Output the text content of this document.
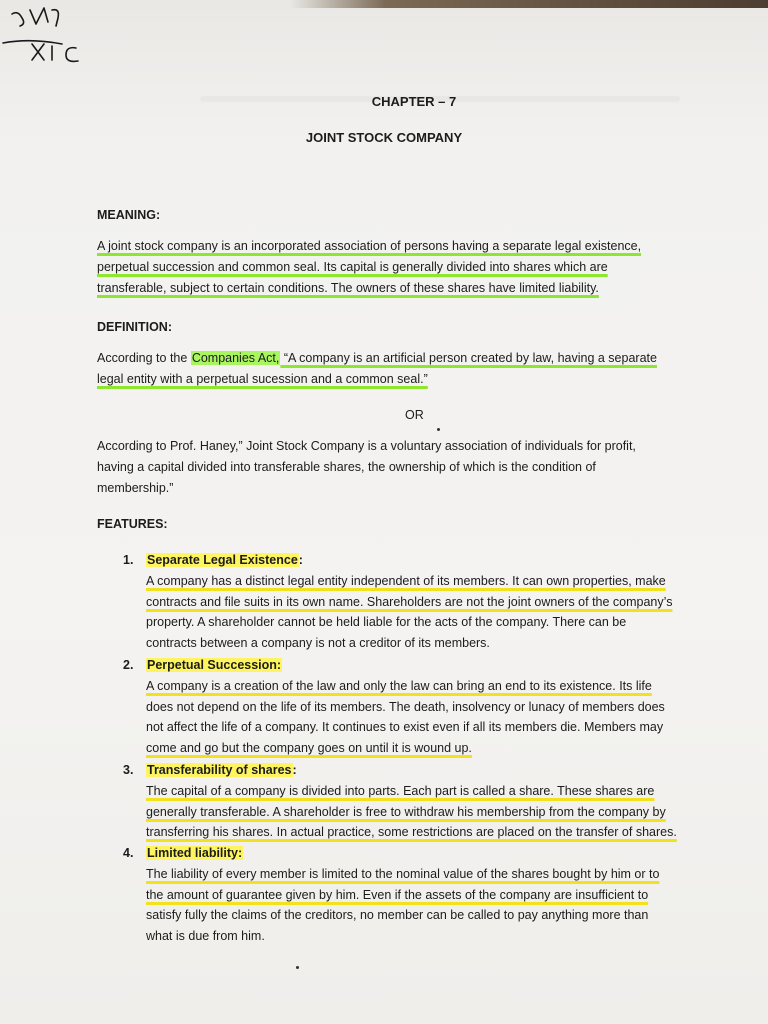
CHAPTER – 7
JOINT STOCK COMPANY
MEANING:

A joint stock company is an incorporated association of persons having a separate legal existence,

perpetual succession and common seal. Its capital is generally divided into shares which are

transferable, subject to certain conditions. The owners of these shares have limited liability.

DEFINITION:

According to the Companies Act, “A company is an artificial person created by law, having a separate

legal entity with a perpetual sucession and a common seal.”

OR

According to Prof. Haney,” Joint Stock Company is a voluntary association of individuals for profit,

having a capital divided into transferable shares, the ownership of which is the condition of

membership.”

FEATURES:
1. Separate Legal Existence:

A company has a distinct legal entity independent of its members. It can own properties, make

contracts and file suits in its own name. Shareholders are not the joint owners of the company’s

property. A shareholder cannot be held liable for the acts of the company. There can be

contracts between a company is not a creditor of its members.

2. Perpetual Succession:

A company is a creation of the law and only the law can bring an end to its existence. Its life

does not depend on the life of its members. The death, insolvency or lunacy of members does

not affect the life of a company. It continues to exist even if all its members die. Members may

come and go but the company goes on until it is wound up.

3. Transferability of shares:

The capital of a company is divided into parts. Each part is called a share. These shares are

generally transferable. A shareholder is free to withdraw his membership from the company by

transferring his shares. In actual practice, some restrictions are placed on the transfer of shares.

4. Limited liability:

The liability of every member is limited to the nominal value of the shares bought by him or to

the amount of guarantee given by him. Even if the assets of the company are insufficient to

satisfy fully the claims of the creditors, no member can be called to pay anything more than

what is due from him.
